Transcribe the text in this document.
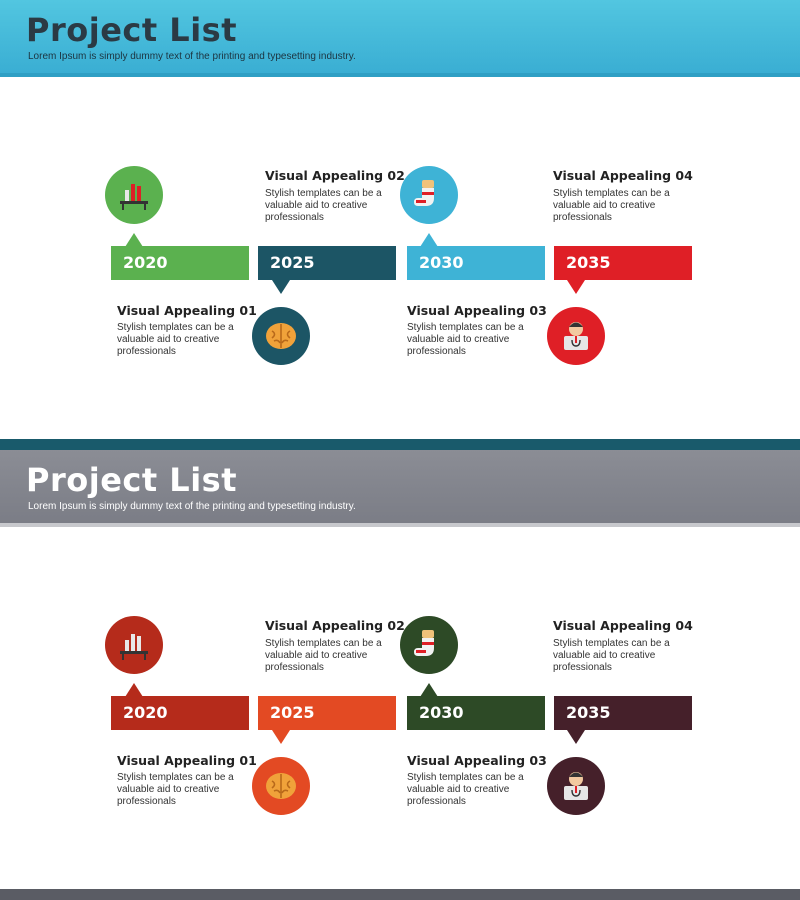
Project List
Lorem Ipsum is simply dummy text of the printing and typesetting industry.
2020
Visual Appealing 01
Stylish templates can be a
valuable aid to creative
professionals
Visual Appealing 02
Stylish templates can be a
valuable aid to creative
professionals
2025	2030
Visual Appealing 03
Stylish templates can be a
valuable aid to creative
professionals
Visual Appealing 04
Stylish templates can be a
valuable aid to creative
professionals
2035
Project List
Lorem Ipsum is simply dummy text of the printing and typesetting industry.
2020
Visual Appealing 01
Stylish templates can be a
valuable aid to creative
professionals
Visual Appealing 02
Stylish templates can be a
valuable aid to creative
professionals
2025	2030
Visual Appealing 03
Stylish templates can be a
valuable aid to creative
professionals
Visual Appealing 04
Stylish templates can be a
valuable aid to creative
professionals
2035
